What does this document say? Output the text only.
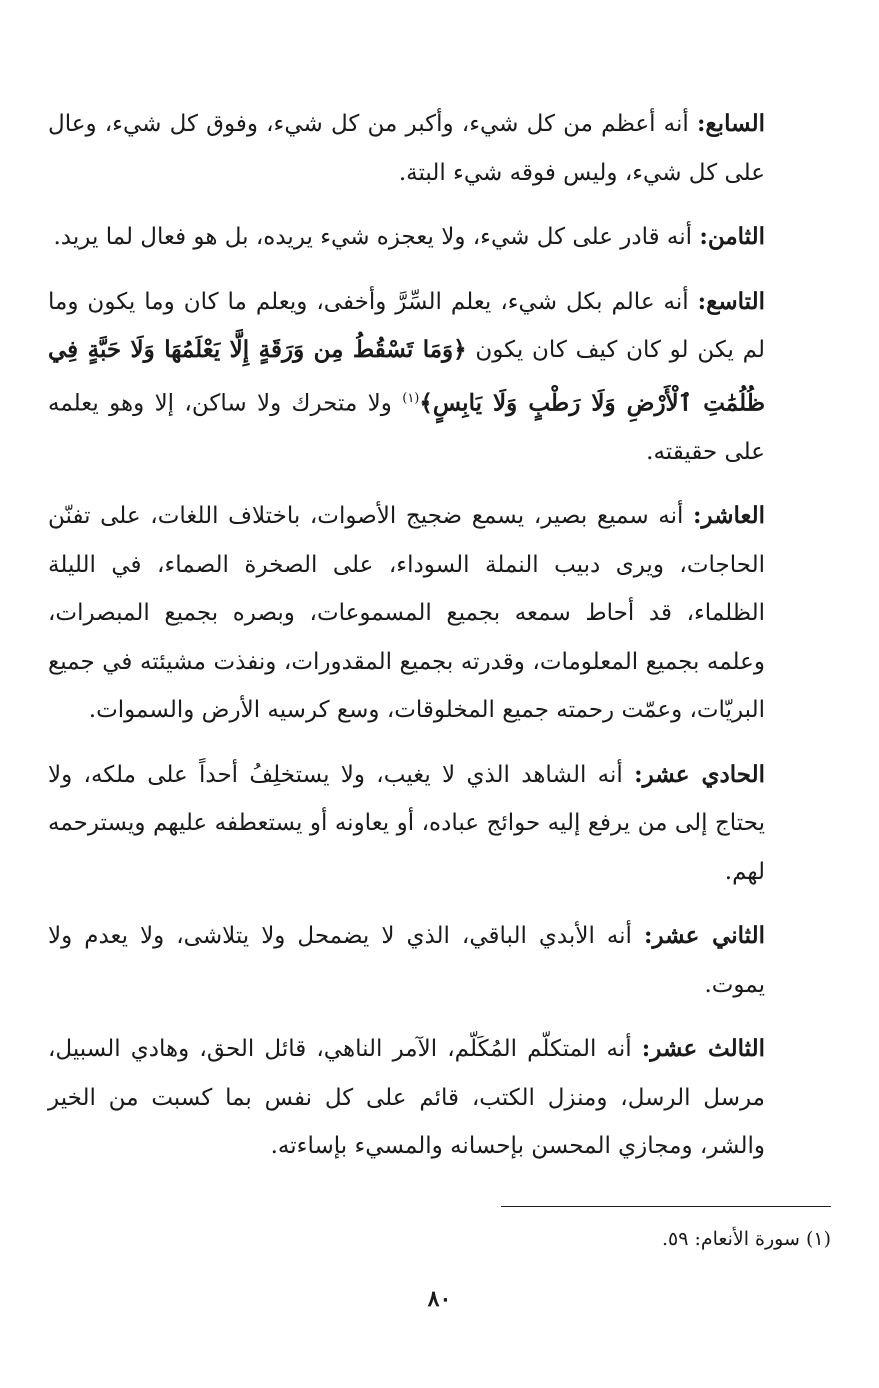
السابع: أنه أعظم من كل شيء، وأكبر من كل شيء، وفوق كل شيء، وعال على كل شيء، وليس فوقه شيء البتة.

الثامن: أنه قادر على كل شيء، ولا يعجزه شيء يريده، بل هو فعال لما يريد.

التاسع: أنه عالم بكل شيء، يعلم السِّرَّ وأخفى، ويعلم ما كان وما يكون وما لم يكن لو كان كيف كان يكون ﴿وَمَا تَسْقُطُ مِن وَرَقَةٍ إِلَّا يَعْلَمُهَا وَلَا حَبَّةٍ فِي ظُلُمَٰتِ ٱلْأَرْضِ وَلَا رَطْبٍ وَلَا يَابِسٍ﴾$^{(١)}$ ولا متحرك ولا ساكن، إلا وهو يعلمه على حقيقته.

العاشر: أنه سميع بصير، يسمع ضجيج الأصوات، باختلاف اللغات، على تفنّن الحاجات، ويرى دبيب النملة السوداء، على الصخرة الصماء، في الليلة الظلماء، قد أحاط سمعه بجميع المسموعات، وبصره بجميع المبصرات، وعلمه بجميع المعلومات، وقدرته بجميع المقدورات، ونفذت مشيئته في جميع البريّات، وعمّت رحمته جميع المخلوقات، وسع كرسيه الأرض والسموات.

الحادي عشر: أنه الشاهد الذي لا يغيب، ولا يستخلِفُ أحداً على ملكه، ولا يحتاج إلى من يرفع إليه حوائج عباده، أو يعاونه أو يستعطفه عليهم ويسترحمه لهم.

الثاني عشر: أنه الأبدي الباقي، الذي لا يضمحل ولا يتلاشى، ولا يعدم ولا يموت.

الثالث عشر: أنه المتكلّم المُكَلّم، الآمر الناهي، قائل الحق، وهادي السبيل، مرسل الرسل، ومنزل الكتب، قائم على كل نفس بما كسبت من الخير والشر، ومجازي المحسن بإحسانه والمسيء بإساءته.

(١) سورة الأنعام: ٥٩.
٨٠
